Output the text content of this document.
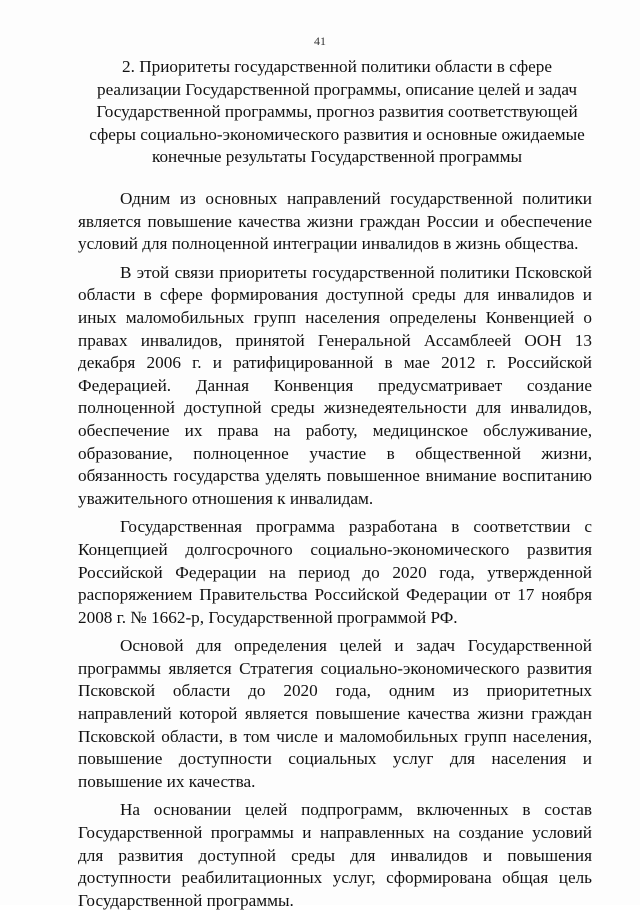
41
2. Приоритеты государственной политики области в сфере реализации Государственной программы, описание целей и задач Государственной программы, прогноз развития соответствующей сферы социально-экономического развития и основные ожидаемые конечные результаты Государственной программы

Одним из основных направлений государственной политики является повышение качества жизни граждан России и обеспечение условий для полноценной интеграции инвалидов в жизнь общества.

В этой связи приоритеты государственной политики Псковской области в сфере формирования доступной среды для инвалидов и иных маломобильных групп населения определены Конвенцией о правах инвалидов, принятой Генеральной Ассамблеей ООН 13 декабря 2006 г. и ратифицированной в мае 2012 г. Российской Федерацией. Данная Конвенция предусматривает создание полноценной доступной среды жизнедеятельности для инвалидов, обеспечение их права на работу, медицинское обслуживание, образование, полноценное участие в общественной жизни, обязанность государства уделять повышенное внимание воспитанию уважительного отношения к инвалидам.

Государственная программа разработана в соответствии с Концепцией долгосрочного социально-экономического развития Российской Федерации на период до 2020 года, утвержденной распоряжением Правительства Российской Федерации от 17 ноября 2008 г. № 1662-р, Государственной программой РФ.

Основой для определения целей и задач Государственной программы является Стратегия социально-экономического развития Псковской области до 2020 года, одним из приоритетных направлений которой является повышение качества жизни граждан Псковской области, в том числе и маломобильных групп населения, повышение доступности социальных услуг для населения и повышение их качества.

На основании целей подпрограмм, включенных в состав Государственной программы и направленных на создание условий для развития доступной среды для инвалидов и повышения доступности реабилитационных услуг, сформирована общая цель Государственной программы.
